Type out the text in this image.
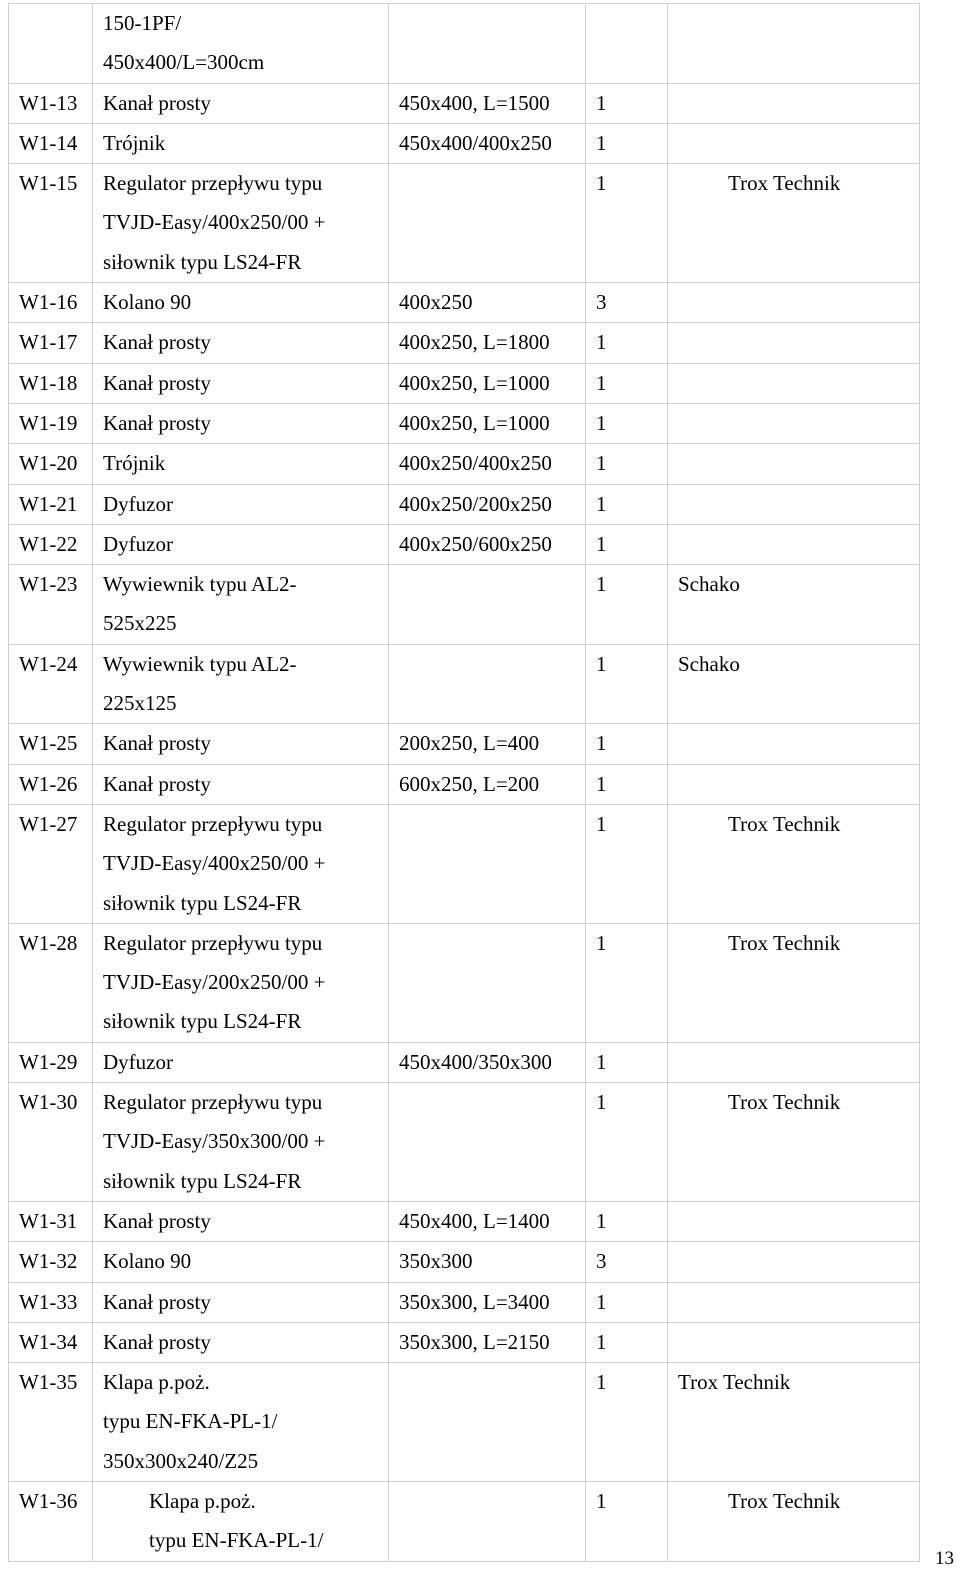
	150-1PF/
450x400/L=300cm			
W1-13	Kanał prosty	450x400, L=1500	1	
W1-14	Trójnik	450x400/400x250	1	
W1-15	Regulator przepływu typu
TVJD-Easy/400x250/00 +
siłownik typu LS24-FR		1	Trox Technik
W1-16	Kolano 90	400x250	3	
W1-17	Kanał prosty	400x250, L=1800	1	
W1-18	Kanał prosty	400x250, L=1000	1	
W1-19	Kanał prosty	400x250, L=1000	1	
W1-20	Trójnik	400x250/400x250	1	
W1-21	Dyfuzor	400x250/200x250	1	
W1-22	Dyfuzor	400x250/600x250	1	
W1-23	Wywiewnik typu AL2-
525x225		1	Schako
W1-24	Wywiewnik typu AL2-
225x125		1	Schako
W1-25	Kanał prosty	200x250, L=400	1	
W1-26	Kanał prosty	600x250, L=200	1	
W1-27	Regulator przepływu typu
TVJD-Easy/400x250/00 +
siłownik typu LS24-FR		1	Trox Technik
W1-28	Regulator przepływu typu
TVJD-Easy/200x250/00 +
siłownik typu LS24-FR		1	Trox Technik
W1-29	Dyfuzor	450x400/350x300	1	
W1-30	Regulator przepływu typu
TVJD-Easy/350x300/00 +
siłownik typu LS24-FR		1	Trox Technik
W1-31	Kanał prosty	450x400, L=1400	1	
W1-32	Kolano 90	350x300	3	
W1-33	Kanał prosty	350x300, L=3400	1	
W1-34	Kanał prosty	350x300, L=2150	1	
W1-35	Klapa p.poż.
typu EN-FKA-PL-1/
350x300x240/Z25		1	Trox Technik
W1-36	Klapa p.poż.
typu EN-FKA-PL-1/		1	Trox Technik
13
